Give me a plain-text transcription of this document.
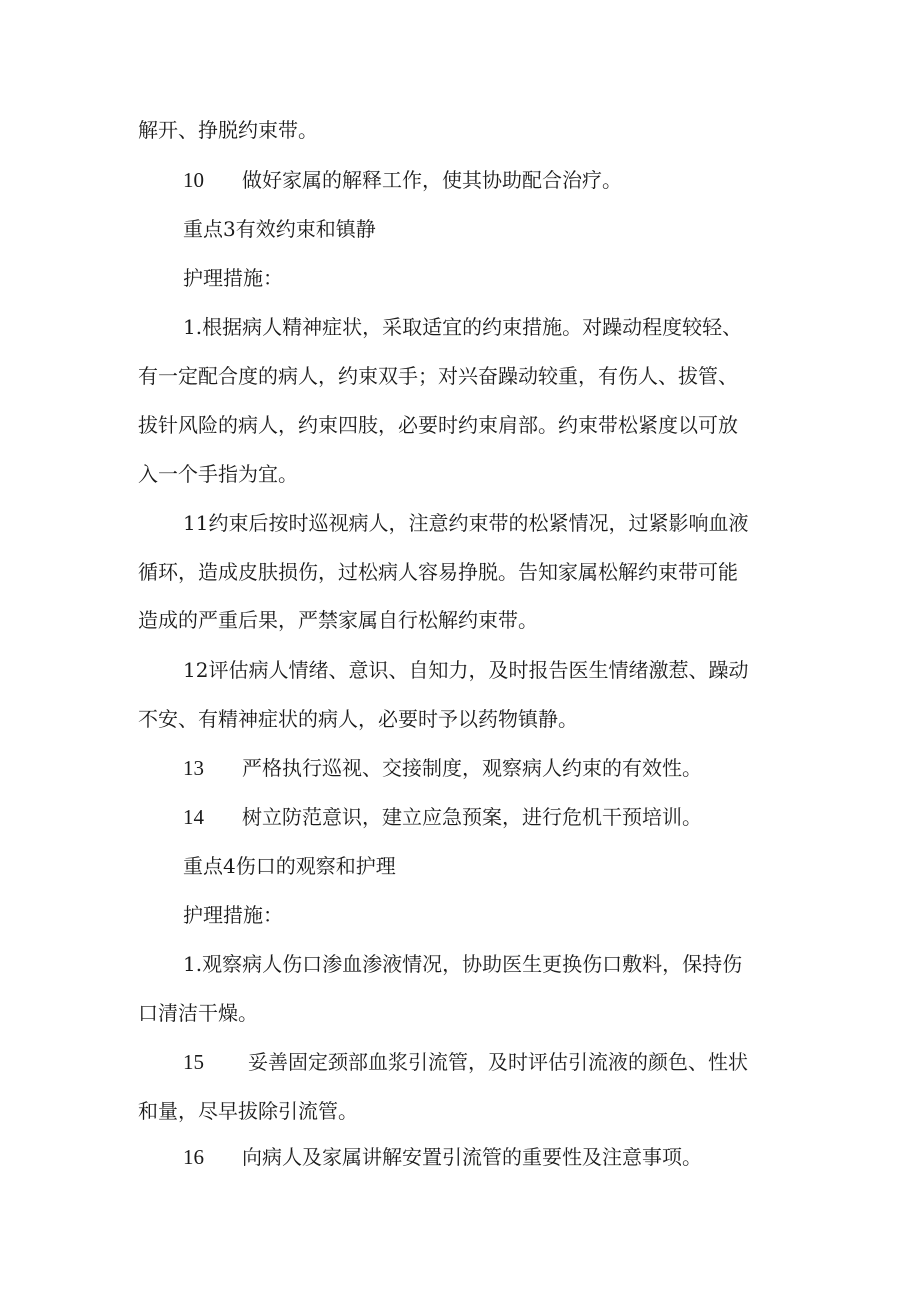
解开、挣脱约束带。
10 做好家属的解释工作，使其协助配合治疗。
重点3有效约束和镇静
护理措施：
1.根据病人精神症状，采取适宜的约束措施。对躁动程度较轻、
有一定配合度的病人，约束双手；对兴奋躁动较重，有伤人、拔管、
拔针风险的病人，约束四肢，必要时约束肩部。约束带松紧度以可放
入一个手指为宜。
11约束后按时巡视病人，注意约束带的松紧情况，过紧影响血液
循环，造成皮肤损伤，过松病人容易挣脱。告知家属松解约束带可能
造成的严重后果，严禁家属自行松解约束带。
12评估病人情绪、意识、自知力，及时报告医生情绪激惹、躁动
不安、有精神症状的病人，必要时予以药物镇静。
13 严格执行巡视、交接制度，观察病人约束的有效性。
14 树立防范意识，建立应急预案，进行危机干预培训。
重点4伤口的观察和护理
护理措施：
1.观察病人伤口渗血渗液情况，协助医生更换伤口敷料，保持伤
口清洁干燥。
15 妥善固定颈部血浆引流管，及时评估引流液的颜色、性状
和量，尽早拔除引流管。
16 向病人及家属讲解安置引流管的重要性及注意事项。
